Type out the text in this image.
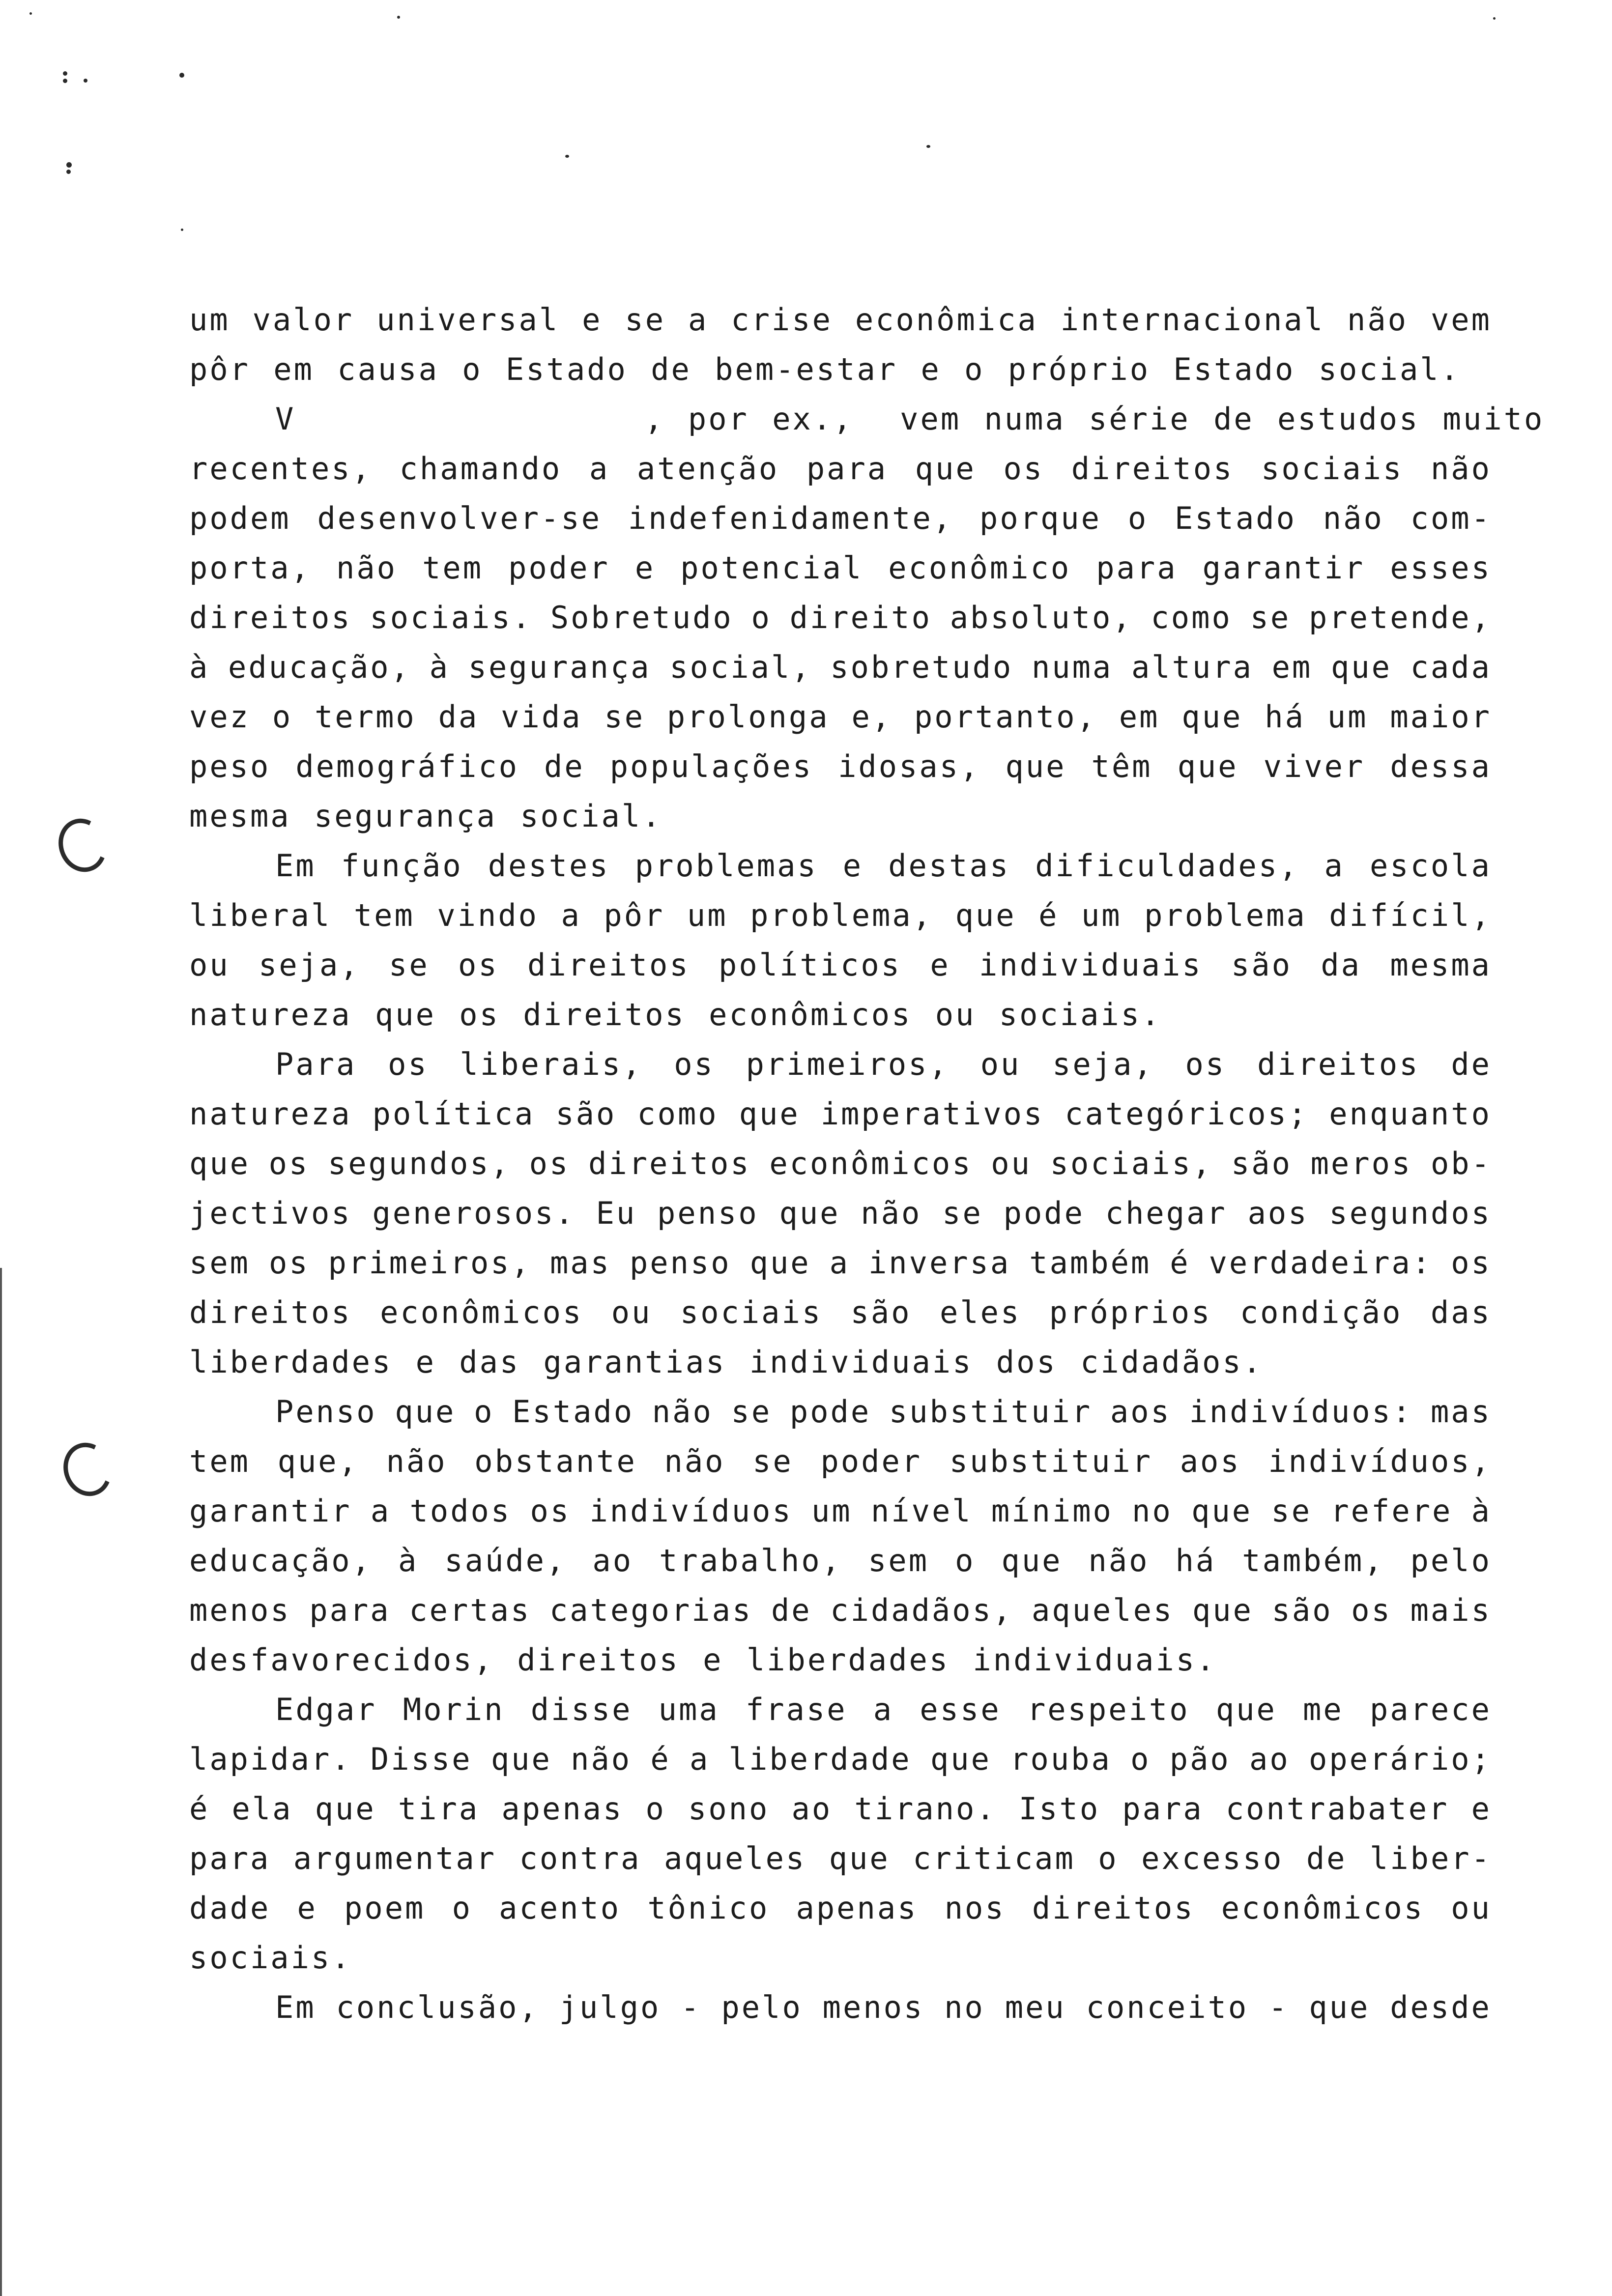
um valor universal e se a crise econômica internacional não vem
pôr em causa o Estado de bem-estar e o próprio Estado social.
V               , por ex.,  vem numa série de estudos muito
recentes, chamando a atenção para que os direitos sociais não
podem desenvolver-se indefenidamente, porque o Estado não com-
porta, não tem poder e potencial econômico para garantir esses
direitos sociais. Sobretudo o direito absoluto, como se pretende,
à educação, à segurança social, sobretudo numa altura em que cada
vez o termo da vida se prolonga e, portanto, em que há um maior
peso demográfico de populações idosas, que têm que viver dessa
mesma segurança social.
Em função destes problemas e destas dificuldades, a escola
liberal tem vindo a pôr um problema, que é um problema difícil,
ou seja, se os direitos políticos e individuais são da mesma
natureza que os direitos econômicos ou sociais.
Para os liberais, os primeiros, ou seja, os direitos de
natureza política são como que imperativos categóricos; enquanto
que os segundos, os direitos econômicos ou sociais, são meros ob-
jectivos generosos. Eu penso que não se pode chegar aos segundos
sem os primeiros, mas penso que a inversa também é verdadeira: os
direitos econômicos ou sociais são eles próprios condição das
liberdades e das garantias individuais dos cidadãos.
Penso que o Estado não se pode substituir aos indivíduos: mas
tem que, não obstante não se poder substituir aos indivíduos,
garantir a todos os indivíduos um nível mínimo no que se refere à
educação, à saúde, ao trabalho, sem o que não há também, pelo
menos para certas categorias de cidadãos, aqueles que são os mais
desfavorecidos, direitos e liberdades individuais.
Edgar Morin disse uma frase a esse respeito que me parece
lapidar. Disse que não é a liberdade que rouba o pão ao operário;
é ela que tira apenas o sono ao tirano. Isto para contrabater e
para argumentar contra aqueles que criticam o excesso de liber-
dade e poem o acento tônico apenas nos direitos econômicos ou
sociais.
Em conclusão, julgo - pelo menos no meu conceito - que desde
